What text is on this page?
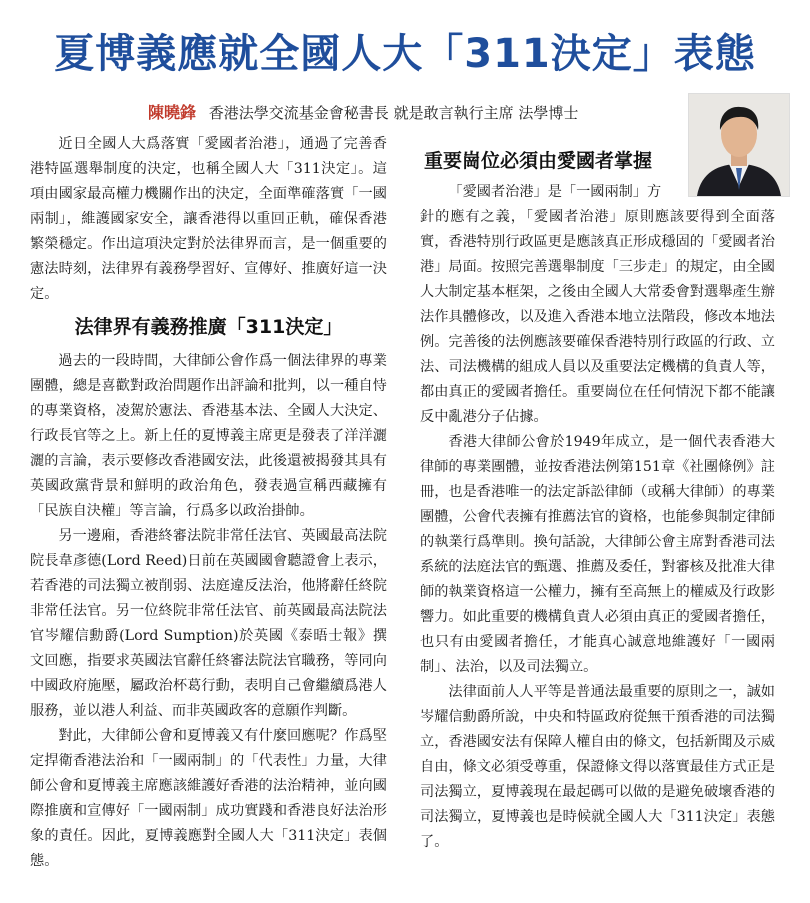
夏博義應就全國人大「311決定」表態
陳曉鋒 香港法學交流基金會秘書長 就是敢言執行主席 法學博士

近日全國人大爲落實「愛國者治港」，通過了完善香港特區選舉制度的決定，也稱全國人大「311決定」。這項由國家最高權力機關作出的決定，全面準確落實「一國兩制」，維護國家安全，讓香港得以重回正軌，確保香港繁榮穩定。作出這項決定對於法律界而言，是一個重要的憲法時刻，法律界有義務學習好、宣傳好、推廣好這一決定。

法律界有義務推廣「311決定」

過去的一段時間，大律師公會作爲一個法律界的專業團體，總是喜歡對政治問題作出評論和批判，以一種自恃的專業資格，凌駕於憲法、香港基本法、全國人大決定、行政長官等之上。新上任的夏博義主席更是發表了洋洋灑灑的言論，表示要修改香港國安法，此後還被揭發其具有英國政黨背景和鮮明的政治角色，發表過宣稱西藏擁有「民族自決權」等言論，行爲多以政治掛帥。

另一邊廂，香港終審法院非常任法官、英國最高法院院長韋彥德(Lord Reed)日前在英國國會聽證會上表示，若香港的司法獨立被削弱、法庭違反法治，他將辭任終院非常任法官。另一位終院非常任法官、前英國最高法院法官岑耀信勳爵(Lord Sumption)於英國《泰晤士報》撰文回應，指要求英國法官辭任終審法院法官職務，等同向中國政府施壓，屬政治杯葛行動，表明自己會繼續爲港人服務，並以港人利益、而非英國政客的意願作判斷。

對此，大律師公會和夏博義又有什麼回應呢？作爲堅定捍衛香港法治和「一國兩制」的「代表性」力量，大律師公會和夏博義主席應該維護好香港的法治精神，並向國際推廣和宣傳好「一國兩制」成功實踐和香港良好法治形象的責任。因此，夏博義應對全國人大「311決定」表個態。

重要崗位必須由愛國者掌握

「愛國者治港」是「一國兩制」方

針的應有之義，「愛國者治港」原則應該要得到全面落實，香港特別行政區更是應該真正形成穩固的「愛國者治港」局面。按照完善選舉制度「三步走」的規定，由全國人大制定基本框架，之後由全國人大常委會對選舉產生辦法作具體修改，以及進入香港本地立法階段，修改本地法例。完善後的法例應該要確保香港特別行政區的行政、立法、司法機構的組成人員以及重要法定機構的負責人等，都由真正的愛國者擔任。重要崗位在任何情況下都不能讓反中亂港分子佔據。

香港大律師公會於1949年成立，是一個代表香港大律師的專業團體，並按香港法例第151章《社團條例》註冊，也是香港唯一的法定訴訟律師（或稱大律師）的專業團體，公會代表擁有推薦法官的資格，也能參與制定律師的執業行爲準則。換句話說，大律師公會主席對香港司法系統的法庭法官的甄選、推薦及委任，對審核及批准大律師的執業資格這一公權力，擁有至高無上的權威及行政影響力。如此重要的機構負責人必須由真正的愛國者擔任，也只有由愛國者擔任，才能真心誠意地維護好「一國兩制」、法治，以及司法獨立。

法律面前人人平等是普通法最重要的原則之一，誠如岑耀信勳爵所說，中央和特區政府從無干預香港的司法獨立，香港國安法有保障人權自由的條文，包括新聞及示威自由，條文必須受尊重，保證條文得以落實最佳方式正是司法獨立，夏博義現在最起碼可以做的是避免破壞香港的司法獨立，夏博義也是時候就全國人大「311決定」表態了。
